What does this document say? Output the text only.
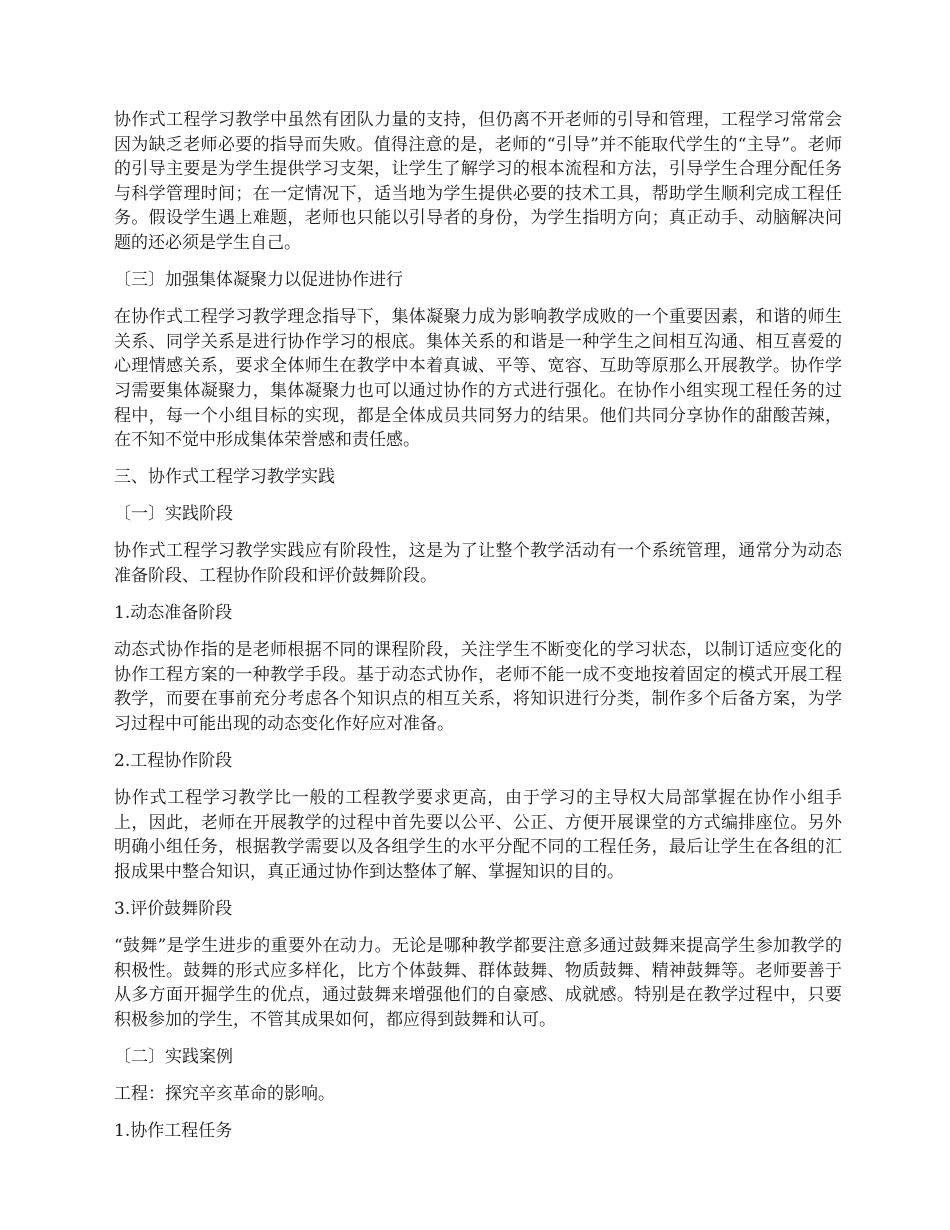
协作式工程学习教学中虽然有团队力量的支持，但仍离不开老师的引导和管理，工程学习常常会因为缺乏老师必要的指导而失败。值得注意的是，老师的“引导”并不能取代学生的“主导”。老师的引导主要是为学生提供学习支架，让学生了解学习的根本流程和方法，引导学生合理分配任务与科学管理时间；在一定情况下，适当地为学生提供必要的技术工具，帮助学生顺利完成工程任务。假设学生遇上难题，老师也只能以引导者的身份，为学生指明方向；真正动手、动脑解决问题的还必须是学生自己。

〔三〕加强集体凝聚力以促进协作进行

在协作式工程学习教学理念指导下，集体凝聚力成为影响教学成败的一个重要因素，和谐的师生关系、同学关系是进行协作学习的根底。集体关系的和谐是一种学生之间相互沟通、相互喜爱的心理情感关系，要求全体师生在教学中本着真诚、平等、宽容、互助等原那么开展教学。协作学习需要集体凝聚力，集体凝聚力也可以通过协作的方式进行强化。在协作小组实现工程任务的过程中，每一个小组目标的实现，都是全体成员共同努力的结果。他们共同分享协作的甜酸苦辣，在不知不觉中形成集体荣誉感和责任感。

三、协作式工程学习教学实践

〔一〕实践阶段

协作式工程学习教学实践应有阶段性，这是为了让整个教学活动有一个系统管理，通常分为动态准备阶段、工程协作阶段和评价鼓舞阶段。

1.动态准备阶段

动态式协作指的是老师根据不同的课程阶段，关注学生不断变化的学习状态，以制订适应变化的协作工程方案的一种教学手段。基于动态式协作，老师不能一成不变地按着固定的模式开展工程教学，而要在事前充分考虑各个知识点的相互关系，将知识进行分类，制作多个后备方案，为学习过程中可能出现的动态变化作好应对准备。

2.工程协作阶段

协作式工程学习教学比一般的工程教学要求更高，由于学习的主导权大局部掌握在协作小组手上，因此，老师在开展教学的过程中首先要以公平、公正、方便开展课堂的方式编排座位。另外明确小组任务，根据教学需要以及各组学生的水平分配不同的工程任务，最后让学生在各组的汇报成果中整合知识，真正通过协作到达整体了解、掌握知识的目的。

3.评价鼓舞阶段

“鼓舞”是学生进步的重要外在动力。无论是哪种教学都要注意多通过鼓舞来提高学生参加教学的积极性。鼓舞的形式应多样化，比方个体鼓舞、群体鼓舞、物质鼓舞、精神鼓舞等。老师要善于从多方面开掘学生的优点，通过鼓舞来增强他们的自豪感、成就感。特别是在教学过程中，只要积极参加的学生，不管其成果如何，都应得到鼓舞和认可。

〔二〕实践案例

工程：探究辛亥革命的影响。

1.协作工程任务
